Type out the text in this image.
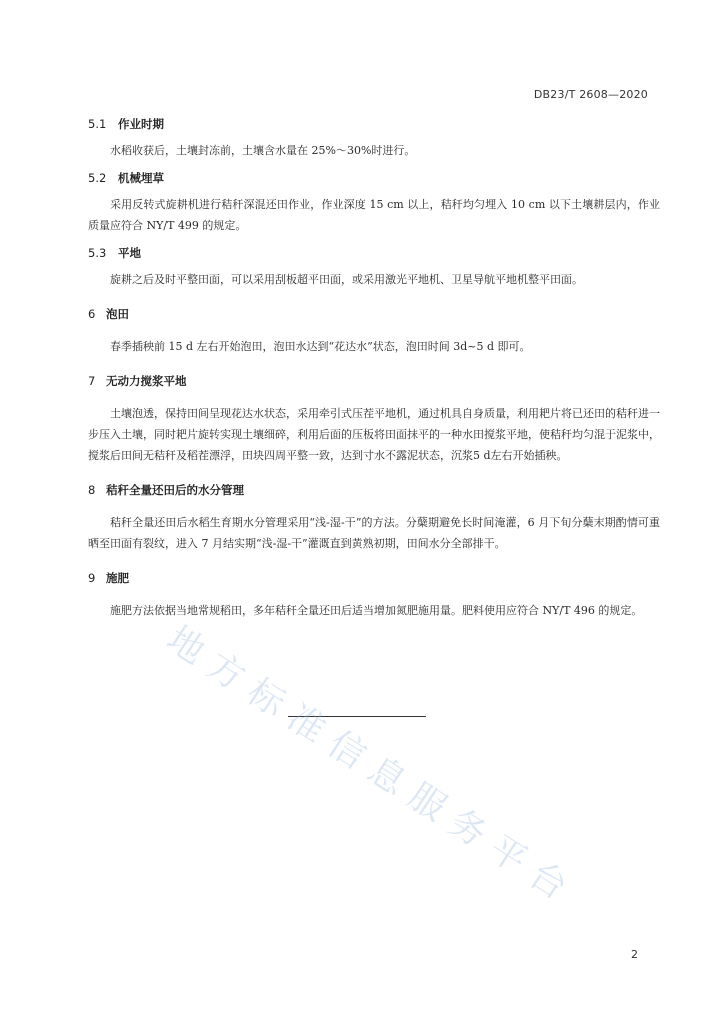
DB23/T 2608—2020
5.1	作业时期
水稻收获后，土壤封冻前，土壤含水量在 25%～30%时进行。
5.2	机械埋草
采用反转式旋耕机进行秸秆深混还田作业，作业深度 15 cm 以上，秸秆均匀埋入 10 cm 以下土壤耕层内，作业质量应符合 NY/T 499 的规定。
5.3	平地
旋耕之后及时平整田面，可以采用刮板超平田面，或采用激光平地机、卫星导航平地机整平田面。
6 泡田
春季插秧前 15 d 左右开始泡田，泡田水达到“花达水”状态，泡田时间 3d~5 d 即可。
7 无动力搅浆平地
土壤泡透，保持田间呈现花达水状态，采用牵引式压茬平地机，通过机具自身质量，利用耙片将已还田的秸秆进一步压入土壤，同时耙片旋转实现土壤细碎，利用后面的压板将田面抹平的一种水田搅浆平地，使秸秆均匀混于泥浆中，搅浆后田间无秸秆及稻茬漂浮，田块四周平整一致，达到寸水不露泥状态，沉浆5 d左右开始插秧。
8 秸秆全量还田后的水分管理
秸秆全量还田后水稻生育期水分管理采用“浅-湿-干”的方法。分蘖期避免长时间淹灌，6 月下旬分蘖末期酌情可重晒至田面有裂纹，进入 7 月结实期“浅-湿-干”灌溉直到黄熟初期，田间水分全部排干。
9 施肥
施肥方法依据当地常规稻田，多年秸秆全量还田后适当增加氮肥施用量。肥料使用应符合 NY/T 496 的规定。
地方标准信息服务平台
2
